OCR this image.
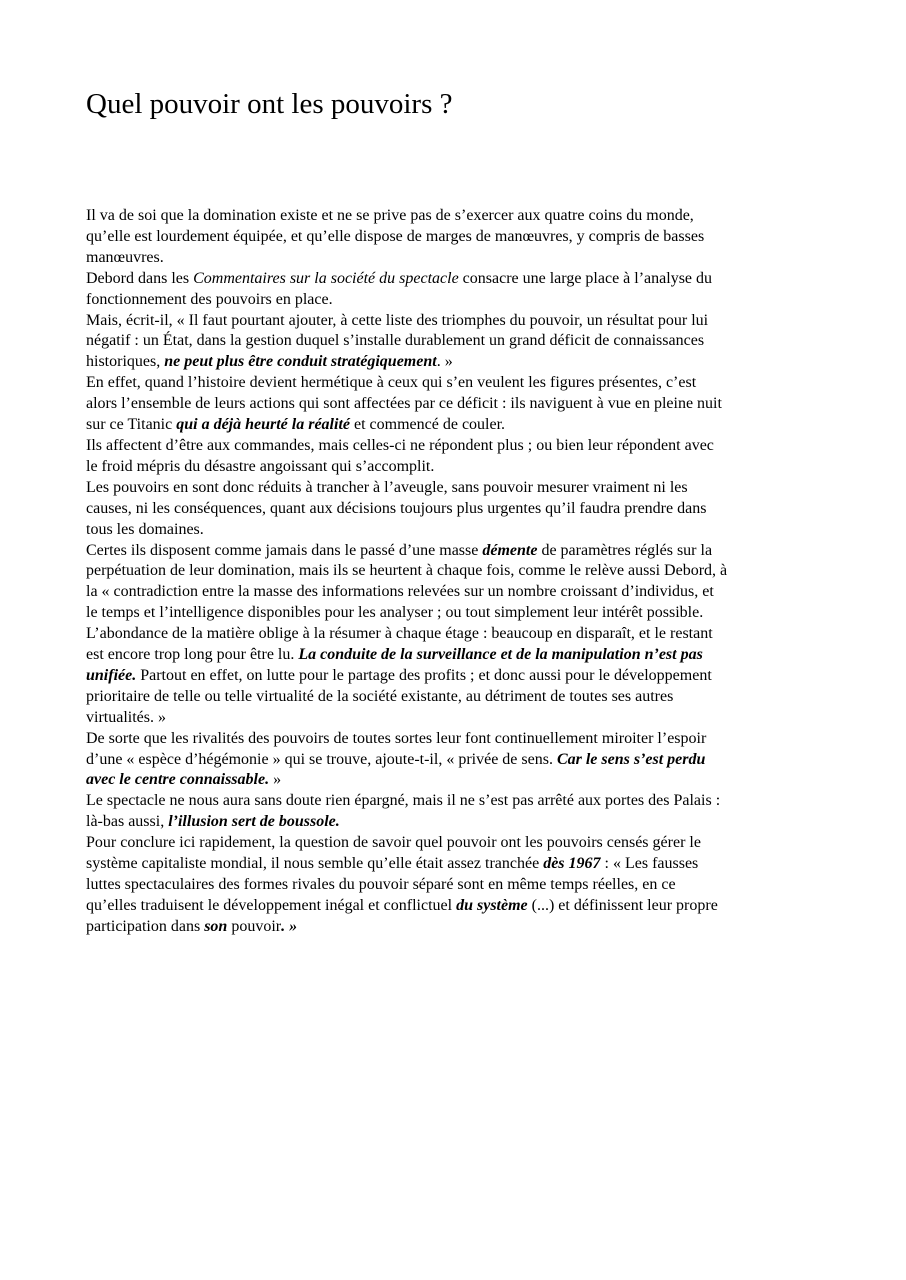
Quel pouvoir ont les pouvoirs ?
Il va de soi que la domination existe et ne se prive pas de s’exercer aux quatre coins du monde,
qu’elle est lourdement équipée, et qu’elle dispose de marges de manœuvres, y compris de basses
manœuvres.
Debord dans les Commentaires sur la société du spectacle consacre une large place à l’analyse du
fonctionnement des pouvoirs en place.
Mais, écrit-il, « Il faut pourtant ajouter, à cette liste des triomphes du pouvoir, un résultat pour lui
négatif : un État, dans la gestion duquel s’installe durablement un grand déficit de connaissances
historiques, ne peut plus être conduit stratégiquement. »
En effet, quand l’histoire devient hermétique à ceux qui s’en veulent les figures présentes, c’est
alors l’ensemble de leurs actions qui sont affectées par ce déficit : ils naviguent à vue en pleine nuit
sur ce Titanic qui a déjà heurté la réalité et commencé de couler.
Ils affectent d’être aux commandes, mais celles-ci ne répondent plus ; ou bien leur répondent avec
le froid mépris du désastre angoissant qui s’accomplit.
Les pouvoirs en sont donc réduits à trancher à l’aveugle, sans pouvoir mesurer vraiment ni les
causes, ni les conséquences, quant aux décisions toujours plus urgentes qu’il faudra prendre dans
tous les domaines.
Certes ils disposent comme jamais dans le passé d’une masse démente de paramètres réglés sur la
perpétuation de leur domination, mais ils se heurtent à chaque fois, comme le relève aussi Debord, à
la « contradiction entre la masse des informations relevées sur un nombre croissant d’individus, et
le temps et l’intelligence disponibles pour les analyser ; ou tout simplement leur intérêt possible.
L’abondance de la matière oblige à la résumer à chaque étage : beaucoup en disparaît, et le restant
est encore trop long pour être lu. La conduite de la surveillance et de la manipulation n’est pas
unifiée. Partout en effet, on lutte pour le partage des profits ; et donc aussi pour le développement
prioritaire de telle ou telle virtualité de la société existante, au détriment de toutes ses autres
virtualités. »
De sorte que les rivalités des pouvoirs de toutes sortes leur font continuellement miroiter l’espoir
d’une « espèce d’hégémonie » qui se trouve, ajoute-t-il, « privée de sens. Car le sens s’est perdu
avec le centre connaissable. »
Le spectacle ne nous aura sans doute rien épargné, mais il ne s’est pas arrêté aux portes des Palais :
là-bas aussi, l’illusion sert de boussole.
Pour conclure ici rapidement, la question de savoir quel pouvoir ont les pouvoirs censés gérer le
système capitaliste mondial, il nous semble qu’elle était assez tranchée dès 1967 : « Les fausses
luttes spectaculaires des formes rivales du pouvoir séparé sont en même temps réelles, en ce
qu’elles traduisent le développement inégal et conflictuel du système (...) et définissent leur propre
participation dans son pouvoir. »
